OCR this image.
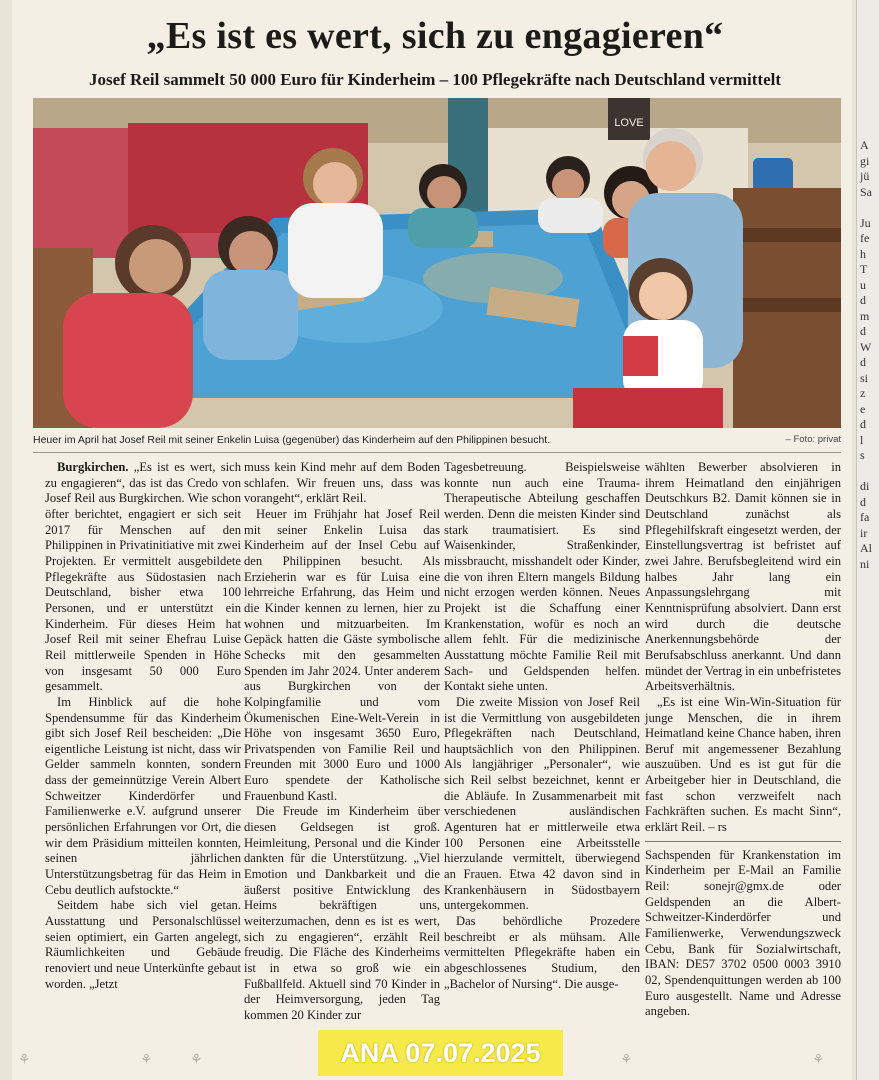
A
gi
jü
Sa

Ju
fe
h
T
u
d
m
d
W
d
si
z
e
d
l
s

di
d
fa
ir
Al
ni
„Es ist es wert, sich zu engagieren“
Josef Reil sammelt 50 000 Euro für Kinderheim – 100 Pflegekräfte nach Deutschland vermittelt
LOVE
Heuer im April hat Josef Reil mit seiner Enkelin Luisa (gegenüber) das Kinderheim auf den Philippinen besucht.	– Foto: privat

Burgkirchen. „Es ist es wert, sich zu engagieren“, das ist das Credo von Josef Reil aus Burgkirchen. Wie schon öfter berichtet, engagiert er sich seit 2017 für Menschen auf den Philippinen in Privatinitiative mit zwei Projekten. Er vermittelt ausgebildete Pflegekräfte aus Südostasien nach Deutschland, bisher etwa 100 Personen, und er unterstützt ein Kinderheim. Für dieses Heim hat Josef Reil mit seiner Ehefrau Luise Reil mittlerweile Spenden in Höhe von insgesamt 50 000 Euro gesammelt.

Im Hinblick auf die hohe Spendensumme für das Kinderheim gibt sich Josef Reil bescheiden: „Die eigentliche Leistung ist nicht, dass wir Gelder sammeln konnten, sondern dass der gemeinnützige Verein Albert Schweitzer Kinderdörfer und Familienwerke e.V. aufgrund unserer persönlichen Erfahrungen vor Ort, die wir dem Präsidium mitteilen konnten, seinen jährlichen Unterstützungsbetrag für das Heim in Cebu deutlich aufstockte.“

Seitdem habe sich viel getan. Ausstattung und Personalschlüssel seien optimiert, ein Garten angelegt, Räumlichkeiten und Gebäude renoviert und neue Unterkünfte gebaut worden. „Jetzt

muss kein Kind mehr auf dem Boden schlafen. Wir freuen uns, dass was vorangeht“, erklärt Reil.

Heuer im Frühjahr hat Josef Reil mit seiner Enkelin Luisa das Kinderheim auf der Insel Cebu auf den Philippinen besucht. Als Erzieherin war es für Luisa eine lehrreiche Erfahrung, das Heim und die Kinder kennen zu lernen, hier zu wohnen und mitzuarbeiten. Im Gepäck hatten die Gäste symbolische Schecks mit den gesammelten Spenden im Jahr 2024. Unter anderem aus Burgkirchen von der Kolpingfamilie und vom Ökumenischen Eine-Welt-Verein in Höhe von insgesamt 3650 Euro, Privatspenden von Familie Reil und Freunden mit 3000 Euro und 1000 Euro spendete der Katholische Frauenbund Kastl.

Die Freude im Kinderheim über diesen Geldsegen ist groß. Heimleitung, Personal und die Kinder dankten für die Unterstützung. „Viel Emotion und Dankbarkeit und die äußerst positive Entwicklung des Heims bekräftigen uns, weiterzumachen, denn es ist es wert, sich zu engagieren“, erzählt Reil freudig. Die Fläche des Kinderheims ist in etwa so groß wie ein Fußballfeld. Aktuell sind 70 Kinder in der Heimversorgung, jeden Tag kommen 20 Kinder zur

Tagesbetreuung. Beispielsweise konnte nun auch eine Trauma-Therapeutische Abteilung geschaffen werden. Denn die meisten Kinder sind stark traumatisiert. Es sind Waisenkinder, Straßenkinder, missbraucht, misshandelt oder Kinder, die von ihren Eltern mangels Bildung nicht erzogen werden können. Neues Projekt ist die Schaffung einer Krankenstation, wofür es noch an allem fehlt. Für die medizinische Ausstattung möchte Familie Reil mit Sach- und Geldspenden helfen. Kontakt siehe unten.

Die zweite Mission von Josef Reil ist die Vermittlung von ausgebildeten Pflegekräften nach Deutschland, hauptsächlich von den Philippinen. Als langjähriger „Personaler“, wie sich Reil selbst bezeichnet, kennt er die Abläufe. In Zusammenarbeit mit verschiedenen ausländischen Agenturen hat er mittlerweile etwa 100 Personen eine Arbeitsstelle hierzulande vermittelt, überwiegend an Frauen. Etwa 42 davon sind in Krankenhäusern in Südostbayern untergekommen.

Das behördliche Prozedere beschreibt er als mühsam. Alle vermittelten Pflegekräfte haben ein abgeschlossenes Studium, den „Bachelor of Nursing“. Die ausge-

wählten Bewerber absolvieren in ihrem Heimatland den einjährigen Deutschkurs B2. Damit können sie in Deutschland zunächst als Pflegehilfskraft eingesetzt werden, der Einstellungsvertrag ist befristet auf zwei Jahre. Berufsbegleitend wird ein halbes Jahr lang ein Anpassungslehrgang mit Kenntnisprüfung absolviert. Dann erst wird durch die deutsche Anerkennungsbehörde der Berufsabschluss anerkannt. Und dann mündet der Vertrag in ein unbefristetes Arbeitsverhältnis.

„Es ist eine Win-Win-Situation für junge Menschen, die in ihrem Heimatland keine Chance haben, ihren Beruf mit angemessener Bezahlung auszuüben. Und es ist gut für die Arbeitgeber hier in Deutschland, die fast schon verzweifelt nach Fachkräften suchen. Es macht Sinn“, erklärt Reil. – rs

Sachspenden für Krankenstation im Kinderheim per E-Mail an Familie Reil: sonejr@gmx.de oder Geldspenden an die Albert-Schweitzer-Kinderdörfer und Familienwerke, Verwendungszweck Cebu, Bank für Sozialwirtschaft, IBAN: DE57 3702 0500 0003 3910 02, Spendenquittungen werden ab 100 Euro ausgestellt. Name und Adresse angeben.

ANA 07.07.2025
⚘	⚘	⚘	⚘	⚘
